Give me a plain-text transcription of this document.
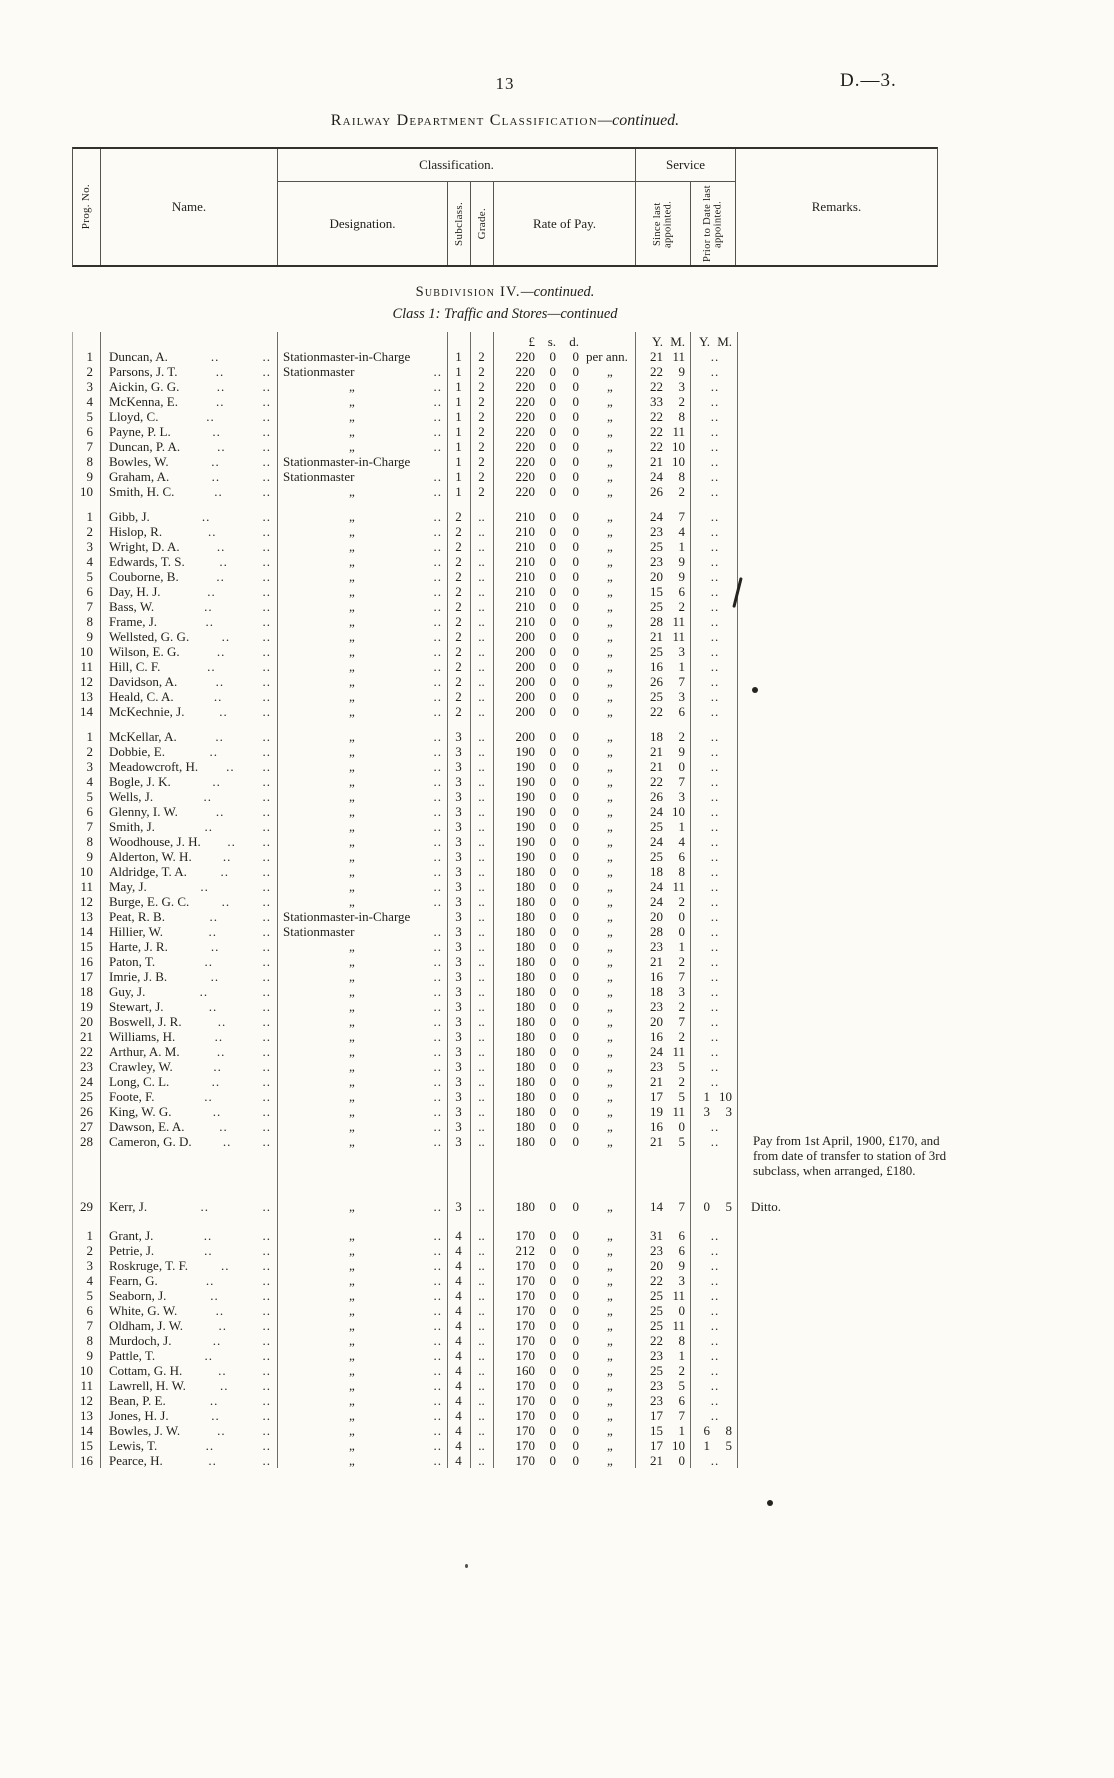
13	D.—3.
Railway Department Classification—continued.
Prog. No.	Name.
Classification.
Designation.	Subclass. Grade.	Rate of Pay.
Service
Since last appointed.	Prior to Date last appointed.	Remarks.
Subdivision IV.—continued.
Class 1: Traffic and Stores—continued
£ s.	d.	Y. M.	Y. M.
1	Duncan, A.	..	.. Stationmaster-in-Charge	1	2	220	0	0 per ann.	21 11	..
2	Parsons, J. T.	..	.. Stationmaster	..	1	2	220	0	0 „	22	9	..
3	Aickin, G. G.	..	..	„	..	1	2	220	0	0 „	22	3	..
4	McKenna, E.	..	..	„	..	1	2	220	0	0 „	33	2	..
5	Lloyd, C.	..	..	„	..	1	2	220	0	0 „	22	8	..
6	Payne, P. L.	..	..	„	..	1	2	220	0	0 „	22 11	..
7	Duncan, P. A.	..	..	„	..	1	2	220	0	0 „	22 10	..
8	Bowles, W.	..	.. Stationmaster-in-Charge	1	2	220	0	0 „	21 10	..
9	Graham, A.	..	.. Stationmaster	..	1	2	220	0	0 „	24	8	..
10	Smith, H. C.	..	..	„	..	1	2	220	0	0 „	26	2	..
1	Gibb, J.	..	..	„	..	2	..	210	0	0 „	24	7	..
2	Hislop, R.	..	..	„	..	2	..	210	0	0 „	23	4	..
3	Wright, D. A.	..	..	„	..	2	..	210	0	0 „	25	1	..
4	Edwards, T. S.	..	..	„	..	2	..	210	0	0 „	23	9	..
5	Couborne, B.	..	..	„	..	2	..	210	0	0 „	20	9	..
6	Day, H. J.	..	..	„	..	2	..	210	0	0 „	15	6	..
7	Bass, W.	..	..	„	..	2	..	210	0	0 „	25	2	..
8	Frame, J.	..	..	„	..	2	..	210	0	0 „	28 11	..
9	Wellsted, G. G. .. ..	„	..	2	..	200	0	0 „	21 11	..
10	Wilson, E. G.	..	..	„	..	2	..	200	0	0 „	25	3	..
11	Hill, C. F.	..	..	„	..	2	..	200	0	0 „	16	1	..
12	Davidson, A.	..	..	„	..	2	..	200	0	0 „	26	7	..
13	Heald, C. A.	..	..	„	..	2	..	200	0	0 „	25	3	..
14	McKechnie, J.	..	..	„	..	2	..	200	0	0 „	22	6	..
1	McKellar, A.	..	..	„	..	3	..	200	0	0 „	18	2	..
2	Dobbie, E.	..	..	„	..	3	..	190	0	0 „	21	9	..
3	Meadowcroft, H. .. ..	„	..	3	..	190	0	0 „	21	0	..
4	Bogle, J. K.	..	..	„	..	3	..	190	0	0 „	22	7	..
5	Wells, J.	..	..	„	..	3	..	190	0	0 „	26	3	..
6	Glenny, I. W.	..	..	„	..	3	..	190	0	0 „	24 10	..
7	Smith, J.	..	..	„	..	3	..	190	0	0 „	25	1	..
8	Woodhouse, J. H. .. ..	„	..	3	..	190	0	0 „	24	4	..
9	Alderton, W. H. .. ..	„	..	3	..	190	0	0 „	25	6	..
10	Aldridge, T. A.	..	..	„	..	3	..	180	0	0 „	18	8	..
11	May, J.	..	..	„	..	3	..	180	0	0 „	24 11	..
12	Burge, E. G. C. .. ..	„	..	3	..	180	0	0 „	24	2	..
13	Peat, R. B.	..	.. Stationmaster-in-Charge	3	..	180	0	0 „	20	0	..
14	Hillier, W.	..	.. Stationmaster	..	3	..	180	0	0 „	28	0	..
15	Harte, J. R.	..	..	„	..	3	..	180	0	0 „	23	1	..
16	Paton, T.	..	..	„	..	3	..	180	0	0 „	21	2	..
17	Imrie, J. B.	..	..	„	..	3	..	180	0	0 „	16	7	..
18	Guy, J.	..	..	„	..	3	..	180	0	0 „	18	3	..
19	Stewart, J.	..	..	„	..	3	..	180	0	0 „	23	2	..
20	Boswell, J. R.	..	..	„	..	3	..	180	0	0 „	20	7	..
21	Williams, H.	..	..	„	..	3	..	180	0	0 „	16	2	..
22	Arthur, A. M.	..	..	„	..	3	..	180	0	0 „	24 11	..
23	Crawley, W.	..	..	„	..	3	..	180	0	0 „	23	5	..
24	Long, C. L.	..	..	„	..	3	..	180	0	0 „	21	2	..
25	Foote, F.	..	..	„	..	3	..	180	0	0 „	17	5	1 10
26	King, W. G.	..	..	„	..	3	..	180	0	0 „	19 11	3	3
27	Dawson, E. A.	..	..	„	..	3	..	180	0	0 „	16	0	..
28	Cameron, G. D. .. ..	„	..	3	..	180	0	0 „	21	5	..	Pay from 1st April, 1900, £170, and from date of transfer to station of 3rd subclass, when arranged, £180.
29	Kerr, J.	..	..	„	..	3	..	180	0	0 „	14	7	0	5	Ditto.
1	Grant, J.	..	..	„	..	4	..	170	0	0 „	31	6	..
2	Petrie, J.	..	..	„	..	4	..	212	0	0 „	23	6	..
3	Roskruge, T. F.	..	..	„	..	4	..	170	0	0 „	20	9	..
4	Fearn, G.	..	..	„	..	4	..	170	0	0 „	22	3	..
5	Seaborn, J.	..	..	„	..	4	..	170	0	0 „	25 11	..
6	White, G. W.	..	..	„	..	4	..	170	0	0 „	25	0	..
7	Oldham, J. W.	..	..	„	..	4	..	170	0	0 „	25 11	..
8	Murdoch, J.	..	..	„	..	4	..	170	0	0 „	22	8	..
9	Pattle, T.	..	..	„	..	4	..	170	0	0 „	23	1	..
10	Cottam, G. H.	..	..	„	..	4	..	160	0	0 „	25	2	..
11	Lawrell, H. W.	..	..	„	..	4	..	170	0	0 „	23	5	..
12	Bean, P. E.	..	..	„	..	4	..	170	0	0 „	23	6	..
13	Jones, H. J.	..	..	„	..	4	..	170	0	0 „	17	7	..
14	Bowles, J. W.	..	..	„	..	4	..	170	0	0 „	15	1	6	8
15	Lewis, T.	..	..	„	..	4	..	170	0	0 „	17 10	1	5
16	Pearce, H.	..	..	„	..	4	..	170	0	0 „	21	0	..
